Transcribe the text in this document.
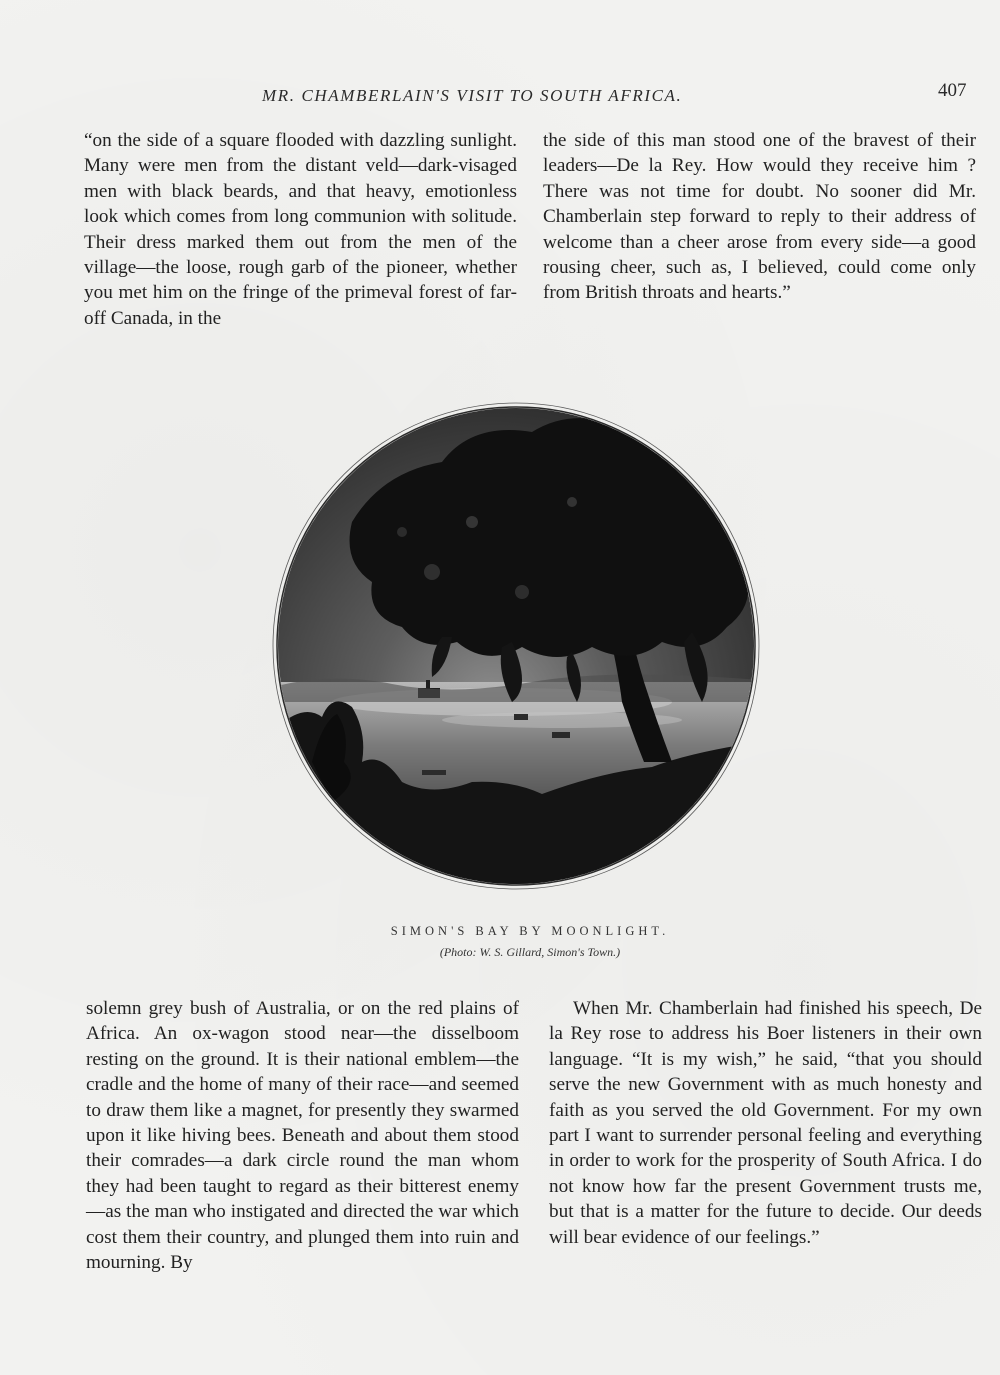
MR. CHAMBERLAIN'S VISIT TO SOUTH AFRICA.	407

“on the side of a square flooded with dazzling sunlight. Many were men from the distant veld—dark-visaged men with black beards, and that heavy, emotionless look which comes from long communion with solitude. Their dress marked them out from the men of the village—the loose, rough garb of the pioneer, whether you met him on the fringe of the primeval forest of far-off Canada, in the

the side of this man stood one of the bravest of their leaders—De la Rey. How would they receive him ? There was not time for doubt. No sooner did Mr. Chamberlain step forward to reply to their address of welcome than a cheer arose from every side—a good rousing cheer, such as, I believed, could come only from British throats and hearts.”

SIMON'S BAY BY MOONLIGHT.
(Photo: W. S. Gillard, Simon's Town.)

solemn grey bush of Australia, or on the red plains of Africa. An ox-wagon stood near—the disselboom resting on the ground. It is their national emblem—the cradle and the home of many of their race—and seemed to draw them like a magnet, for presently they swarmed upon it like hiving bees. Beneath and about them stood their comrades—a dark circle round the man whom they had been taught to regard as their bitterest enemy—as the man who instigated and directed the war which cost them their country, and plunged them into ruin and mourning. By

When Mr. Chamberlain had finished his speech, De la Rey rose to address his Boer listeners in their own language. “It is my wish,” he said, “that you should serve the new Government with as much honesty and faith as you served the old Government. For my own part I want to surrender personal feeling and everything in order to work for the prosperity of South Africa. I do not know how far the present Government trusts me, but that is a matter for the future to decide. Our deeds will bear evidence of our feelings.”
